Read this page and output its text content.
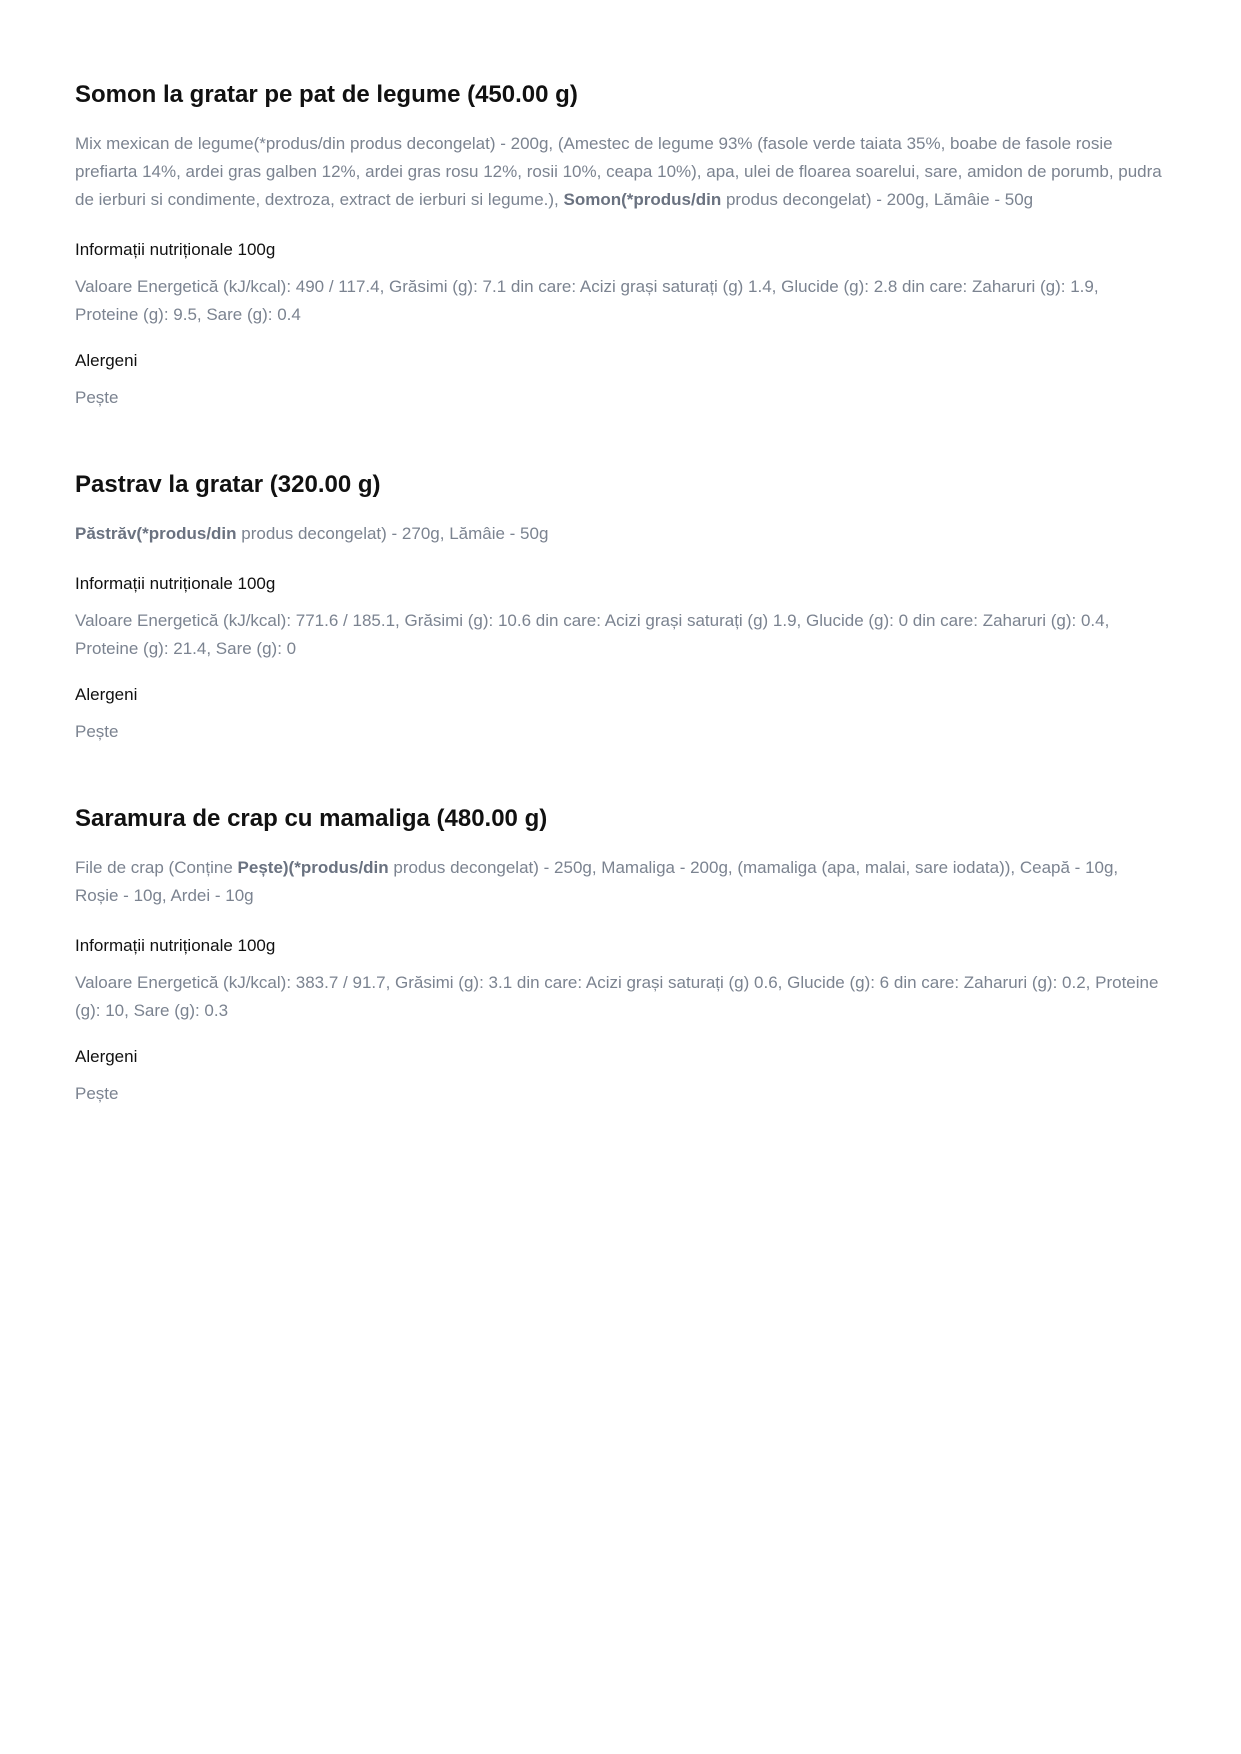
Somon la gratar pe pat de legume (450.00 g)
Mix mexican de legume(*produs/din produs decongelat) - 200g, (Amestec de legume 93% (fasole verde taiata 35%, boabe de fasole rosie prefiarta 14%, ardei gras galben 12%, ardei gras rosu 12%, rosii 10%, ceapa 10%), apa, ulei de floarea soarelui, sare, amidon de porumb, pudra de ierburi si condimente, dextroza, extract de ierburi si legume.), Somon(*produs/din produs decongelat) - 200g, Lămâie - 50g
Informații nutriționale 100g
Valoare Energetică (kJ/kcal): 490 / 117.4, Grăsimi (g): 7.1 din care: Acizi grași saturați (g) 1.4, Glucide (g): 2.8 din care: Zaharuri (g): 1.9, Proteine (g): 9.5, Sare (g): 0.4
Alergeni
Pește
Pastrav la gratar (320.00 g)
Păstrăv(*produs/din produs decongelat) - 270g, Lămâie - 50g
Informații nutriționale 100g
Valoare Energetică (kJ/kcal): 771.6 / 185.1, Grăsimi (g): 10.6 din care: Acizi grași saturați (g) 1.9, Glucide (g): 0 din care: Zaharuri (g): 0.4, Proteine (g): 21.4, Sare (g): 0
Alergeni
Pește
Saramura de crap cu mamaliga (480.00 g)
File de crap (Conține Pește)(*produs/din produs decongelat) - 250g, Mamaliga - 200g, (mamaliga (apa, malai, sare iodata)), Ceapă - 10g, Roșie - 10g, Ardei - 10g
Informații nutriționale 100g
Valoare Energetică (kJ/kcal): 383.7 / 91.7, Grăsimi (g): 3.1 din care: Acizi grași saturați (g) 0.6, Glucide (g): 6 din care: Zaharuri (g): 0.2, Proteine (g): 10, Sare (g): 0.3
Alergeni
Pește
